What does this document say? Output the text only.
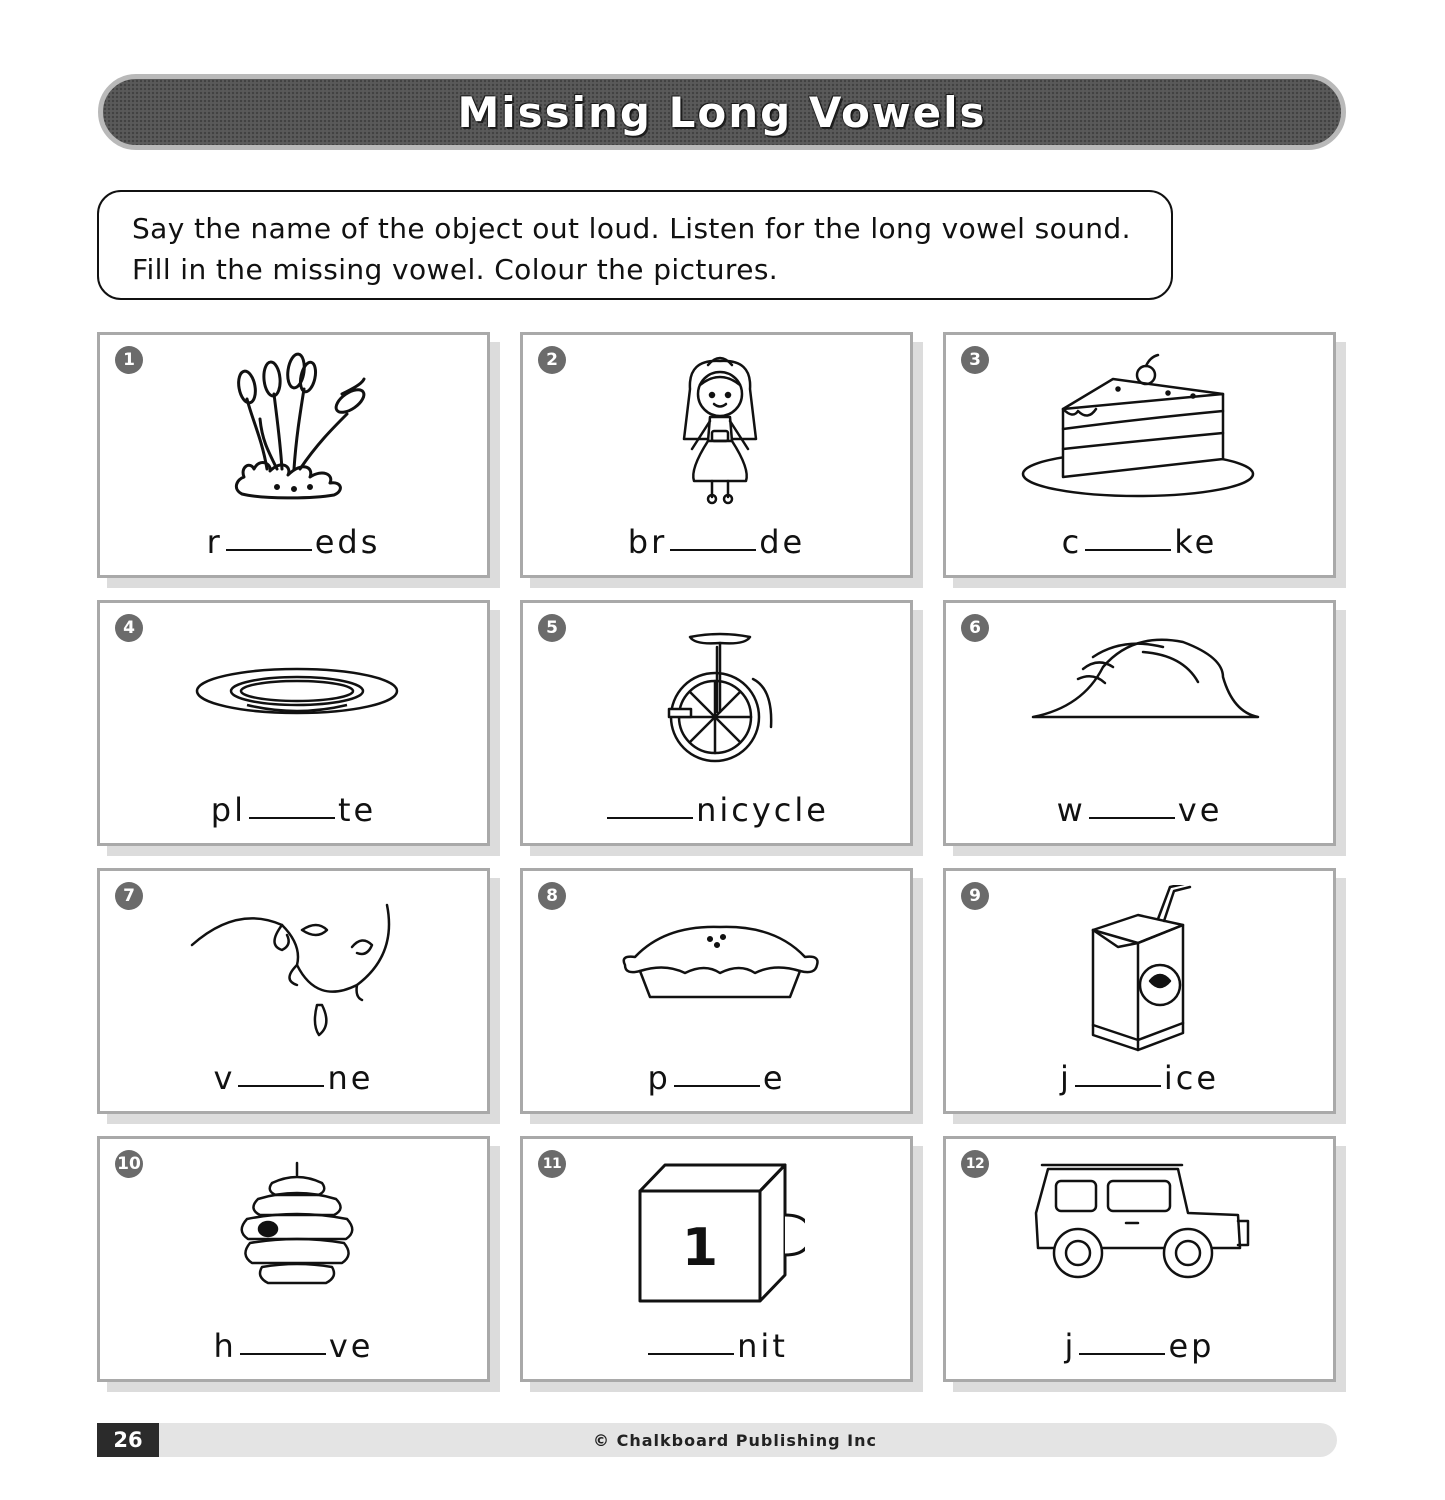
Missing Long Vowels
Say the name of the object out loud. Listen for the long vowel sound. Fill in the missing vowel. Colour the pictures.
1
r	eds
2
br	de
3
c	ke
4
pl	te
5
nicycle
6
w	ve
7
v	ne
8
p	e
9
j	ice
10
h	ve
11
1
nit
12
j	ep
26	© Chalkboard Publishing Inc
